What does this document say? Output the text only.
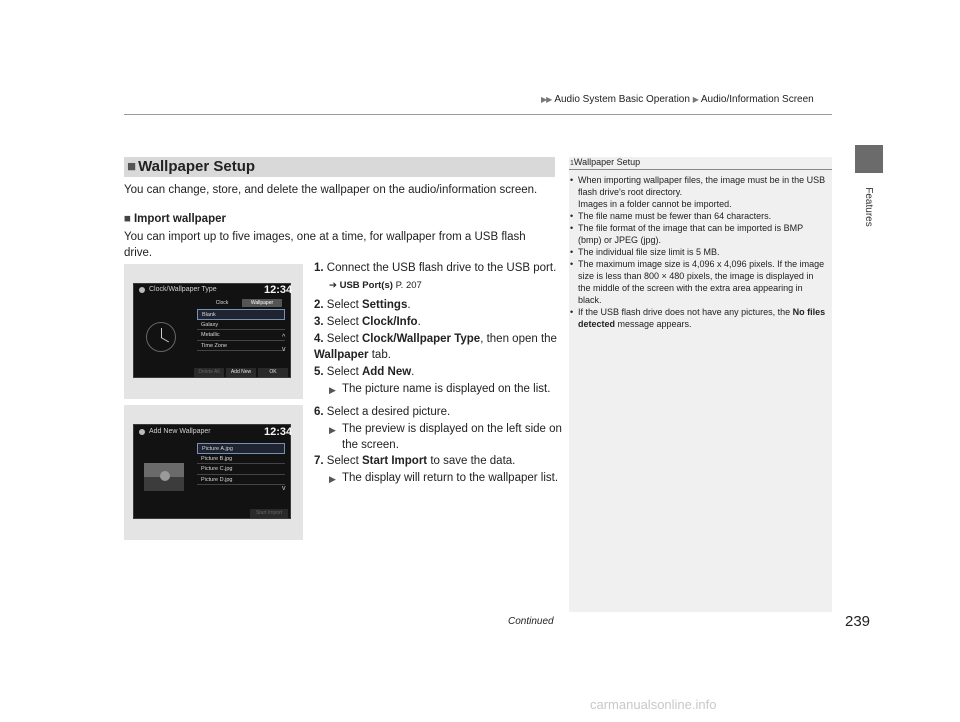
▶▶ Audio System Basic Operation ▶ Audio/Information Screen
Features
■ Wallpaper Setup
You can change, store, and delete the wallpaper on the audio/information screen.
■ Import wallpaper
You can import up to five images, one at a time, for wallpaper from a USB flash drive.
Clock/Wallpaper Type	12:34
Clock	Wallpaper
Blank
Galaxy
Metallic
Time Zone
^
v
Delete All	Add New	OK
Add New Wallpaper	12:34
Picture A.jpg
Picture B.jpg
Picture C.jpg
Picture D.jpg
v
Start Import
1. Connect the USB flash drive to the USB port.
➔ USB Port(s) P. 207
2. Select Settings.
3. Select Clock/Info.
4. Select Clock/Wallpaper Type, then open the Wallpaper tab.
5. Select Add New.
▶ The picture name is displayed on the list.
6. Select a desired picture.
▶ The preview is displayed on the left side on the screen.
7. Select Start Import to save the data.
▶ The display will return to the wallpaper list.
1Wallpaper Setup
• When importing wallpaper files, the image must be in the USB flash drive's root directory.
Images in a folder cannot be imported.
• The file name must be fewer than 64 characters.
• The file format of the image that can be imported is BMP (bmp) or JPEG (jpg).
• The individual file size limit is 5 MB.
• The maximum image size is 4,096 x 4,096 pixels. If the image size is less than 800 × 480 pixels, the image is displayed in the middle of the screen with the extra area appearing in black.
• If the USB flash drive does not have any pictures, the No files detected message appears.
Continued	239
carmanualsonline.info
